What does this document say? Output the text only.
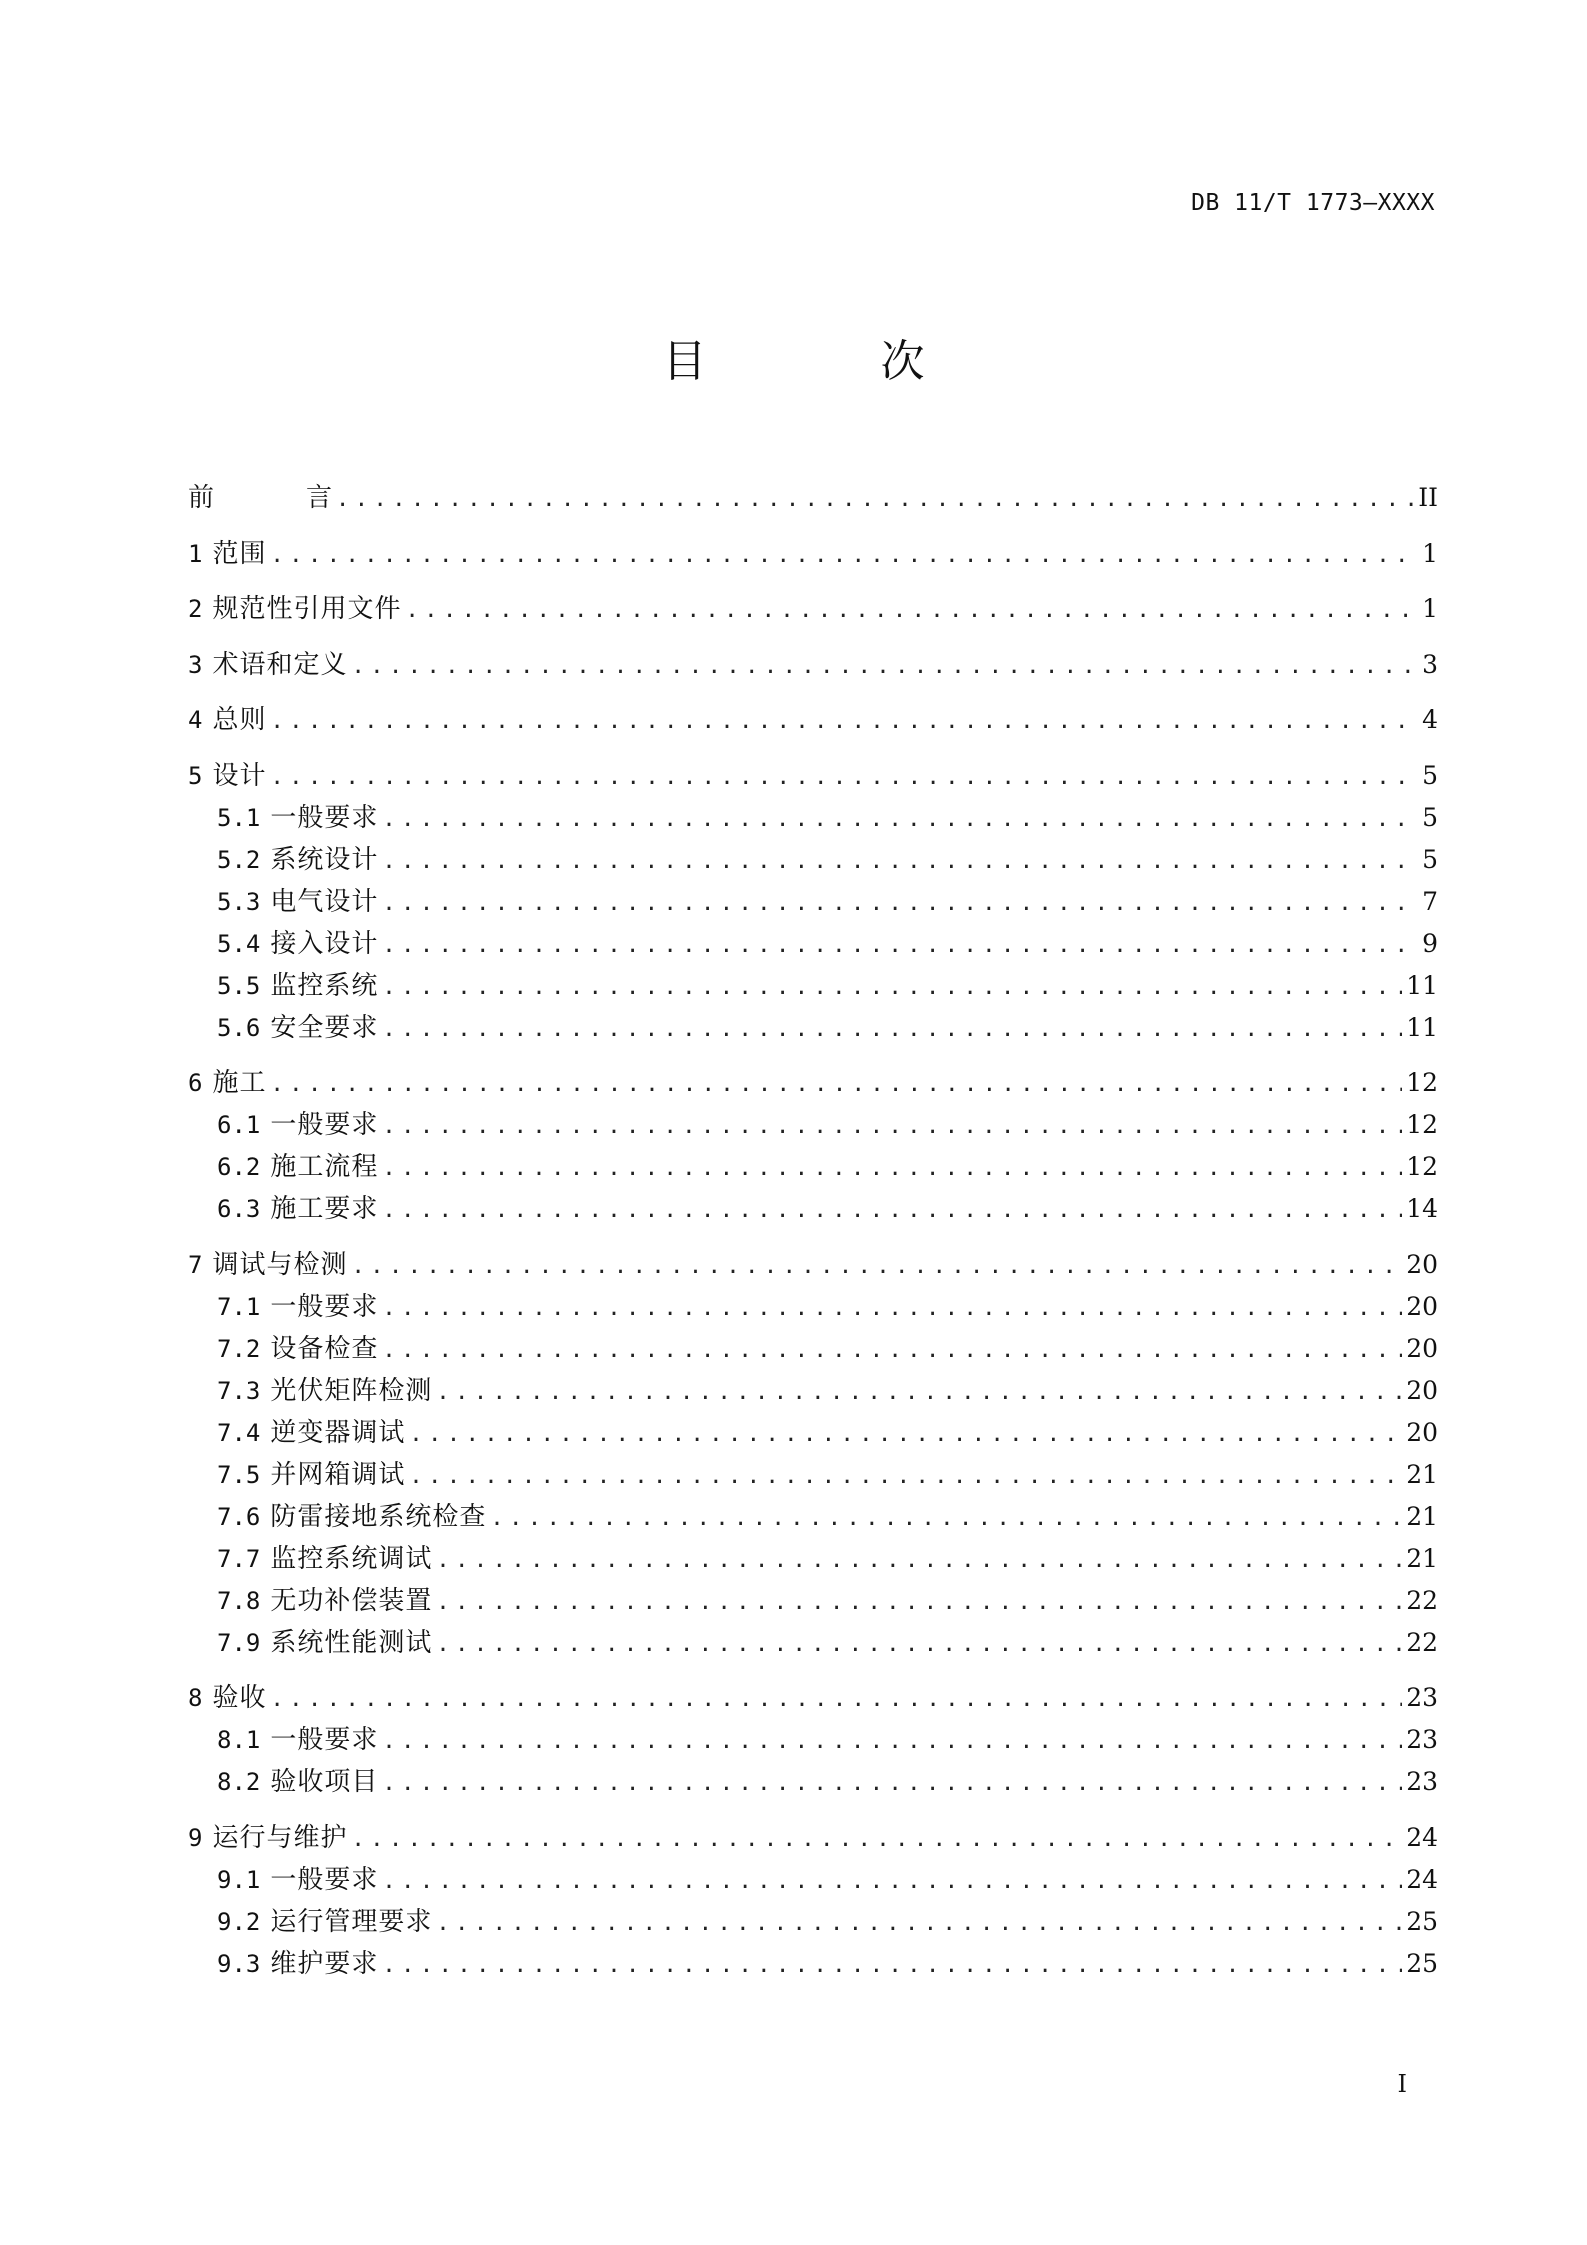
DB 11/T 1773—XXXX
目 次
前	言 .....	II
1 范围 .....	1
2 规范性引用文件 .....	1
3 术语和定义 .....	3
4 总则 .....	4
5 设计 .....	5
5.1 一般要求 .....	5
5.2 系统设计 .....	5
5.3 电气设计 .....	7
5.4 接入设计 .....	9
5.5 监控系统 .....	11
5.6 安全要求 .....	11
6 施工 .....	12
6.1 一般要求 .....	12
6.2 施工流程 .....	12
6.3 施工要求 .....	14
7 调试与检测 .....	20
7.1 一般要求 .....	20
7.2 设备检查 .....	20
7.3 光伏矩阵检测 .....	20
7.4 逆变器调试 .....	20
7.5 并网箱调试 .....	21
7.6 防雷接地系统检查 .....	21
7.7 监控系统调试 .....	21
7.8 无功补偿装置 .....	22
7.9 系统性能测试 .....	22
8 验收 .....	23
8.1 一般要求 .....	23
8.2 验收项目 .....	23
9 运行与维护 .....	24
9.1 一般要求 .....	24
9.2 运行管理要求 .....	25
9.3 维护要求 .....	25
I
